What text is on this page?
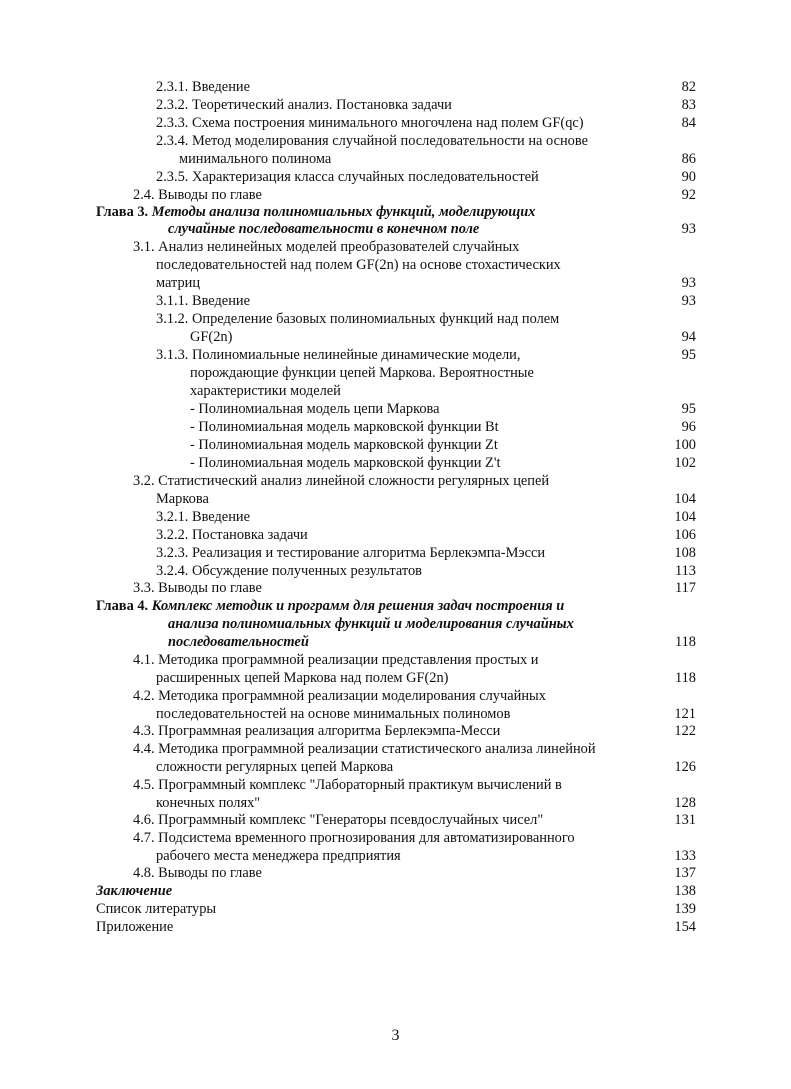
2.3.1. Введение	82
2.3.2. Теоретический анализ. Постановка задачи	83
2.3.3. Схема построения минимального многочлена над полем GF(qc)	84
2.3.4. Метод моделирования случайной последовательности на основе
минимального полинома	86
2.3.5. Характеризация класса случайных последовательностей	90
2.4. Выводы по главе	92
Глава 3. Методы анализа полиномиальных функций, моделирующих
случайные последовательности в конечном поле	93
3.1. Анализ нелинейных моделей преобразователей случайных
последовательностей над полем GF(2n) на основе стохастических
матриц	93
3.1.1. Введение	93
3.1.2. Определение базовых полиномиальных функций над полем
GF(2n)	94
3.1.3. Полиномиальные нелинейные динамические модели,	95
порождающие функции цепей Маркова. Вероятностные
характеристики моделей
- Полиномиальная модель цепи Маркова	95
- Полиномиальная модель марковской функции Bt	96
- Полиномиальная модель марковской функции Zt	100
- Полиномиальная модель марковской функции Z't	102
3.2. Статистический анализ линейной сложности регулярных цепей
Маркова	104
3.2.1. Введение	104
3.2.2. Постановка задачи	106
3.2.3. Реализация и тестирование алгоритма Берлекэмпа-Мэсси	108
3.2.4. Обсуждение полученных результатов	113
3.3. Выводы по главе	117
Глава 4. Комплекс методик и программ для решения задач построения и
анализа полиномиальных функций и моделирования случайных
последовательностей	118
4.1. Методика программной реализации представления простых и
расширенных цепей Маркова над полем GF(2n)	118
4.2. Методика программной реализации моделирования случайных
последовательностей на основе минимальных полиномов	121
4.3. Программная реализация алгоритма Берлекэмпа-Месси	122
4.4. Методика программной реализации статистического анализа линейной
сложности регулярных цепей Маркова	126
4.5. Программный комплекс "Лабораторный практикум вычислений в
конечных полях"	128
4.6. Программный комплекс "Генераторы псевдослучайных чисел"	131
4.7. Подсистема временного прогнозирования для автоматизированного
рабочего места менеджера предприятия	133
4.8. Выводы по главе	137
Заключение	138
Список литературы	139
Приложение	154
3
